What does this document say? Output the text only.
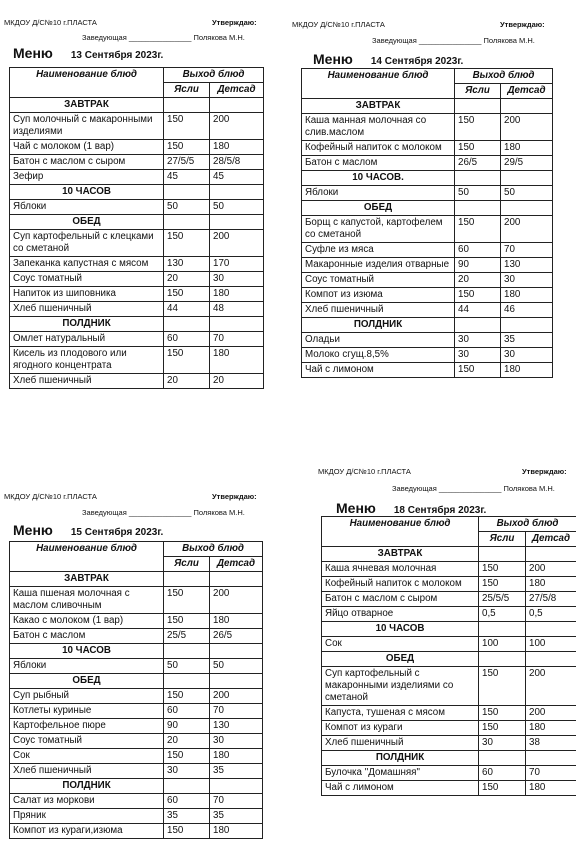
МКДОУ Д/С№10 г.ПЛАСТА	Утверждаю:
Заведующая _______________ Полякова М.Н.
Меню 13 Сентября 2023г.
Наименование блюд	Выход блюд	
	Ясли	Детсад
ЗАВТРАК		
Суп молочный с макаронными изделиями	150	200
Чай с молоком (1 вар)	150	180
Батон с маслом с сыром	27/5/5	28/5/8
Зефир	45	45
10 ЧАСОВ		
Яблоки	50	50
ОБЕД		
Суп картофельный с клецками со сметаной	150	200
Запеканка капустная с мясом	130	170
Соус томатный	20	30
Напиток из шиповника	150	180
Хлеб пшеничный	44	48
ПОЛДНИК		
Омлет натуральный	60	70
Кисель из плодового или ягодного концентрата	150	180
Хлеб пшеничный	20	20
МКДОУ Д/С№10 г.ПЛАСТА	Утверждаю:
Заведующая _______________ Полякова М.Н.
Меню 14 Сентября 2023г.
Наименование блюд	Выход блюд	
	Ясли	Детсад
ЗАВТРАК		
Каша манная молочная со слив.маслом	150	200
Кофейный напиток с молоком	150	180
Батон с маслом	26/5	29/5
10 ЧАСОВ.		
Яблоки	50	50
ОБЕД		
Борщ с капустой, картофелем со сметаной	150	200
Суфле из мяса	60	70
Макаронные изделия отварные	90	130
Соус томатный	20	30
Компот из изюма	150	180
Хлеб пшеничный	44	46
ПОЛДНИК		
Оладьи	30	35
Молоко сгущ.8,5%	30	30
Чай с лимоном	150	180
МКДОУ Д/С№10 г.ПЛАСТА	Утверждаю:
Заведующая _______________ Полякова М.Н.
Меню 15 Сентября 2023г.
Наименование блюд	Выход блюд	
	Ясли	Детсад
ЗАВТРАК		
Каша пшеная молочная с маслом сливочным	150	200
Какао с молоком (1 вар)	150	180
Батон с маслом	25/5	26/5
10 ЧАСОВ		
Яблоки	50	50
ОБЕД		
Суп рыбный	150	200
Котлеты куриные	60	70
Картофельное пюре	90	130
Соус томатный	20	30
Сок	150	180
Хлеб пшеничный	30	35
ПОЛДНИК		
Салат из моркови	60	70
Пряник	35	35
Компот из кураги,изюма	150	180
МКДОУ Д/С№10 г.ПЛАСТА	Утверждаю:
Заведующая _______________ Полякова М.Н.
Меню 18 Сентября 2023г.
Наименование блюд	Выход блюд	
	Ясли	Детсад
ЗАВТРАК		
Каша ячневая молочная	150	200
Кофейный напиток с молоком	150	180
Батон с маслом с сыром	25/5/5	27/5/8
Яйцо отварное	0,5	0,5
10 ЧАСОВ		
Сок	100	100
ОБЕД		
Суп картофельный с макаронными изделиями со сметаной	150	200
Капуста, тушеная с мясом	150	200
Компот из кураги	150	180
Хлеб пшеничный	30	38
ПОЛДНИК		
Булочка "Домашняя"	60	70
Чай с лимоном	150	180
